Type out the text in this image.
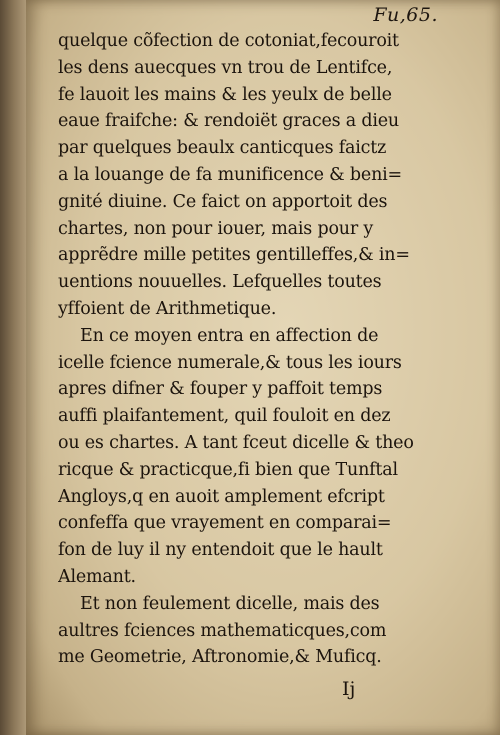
Fu,65.
quelque cõfection de cotoniat,fecouroit
les dens auecques vn trou de Lentifce,
fe lauoit les mains & les yeulx de belle
eaue fraifche: & rendoiët graces a dieu
par quelques beaulx canticques faictz
a la louange de fa munificence & beni=
gnité diuine. Ce faict on apportoit des
chartes, non pour iouer, mais pour y
apprẽdre mille petites gentilleffes,& in=
uentions nouuelles. Lefquelles toutes
yffoient de Arithmetique.
En ce moyen entra en affection de
icelle fcience numerale,& tous les iours
apres difner & fouper y paffoit temps
auffi plaifantement, quil fouloit en dez
ou es chartes. A tant fceut dicelle & theo
ricque & practicque,fi bien que Tunftal
Angloys,q en auoit amplement efcript
confeffa que vrayement en comparai=
fon de luy il ny entendoit que le hault
Alemant.
Et non feulement dicelle, mais des
aultres fciences mathematicques,com
me Geometrie, Aftronomie,& Muficq.
Ij
